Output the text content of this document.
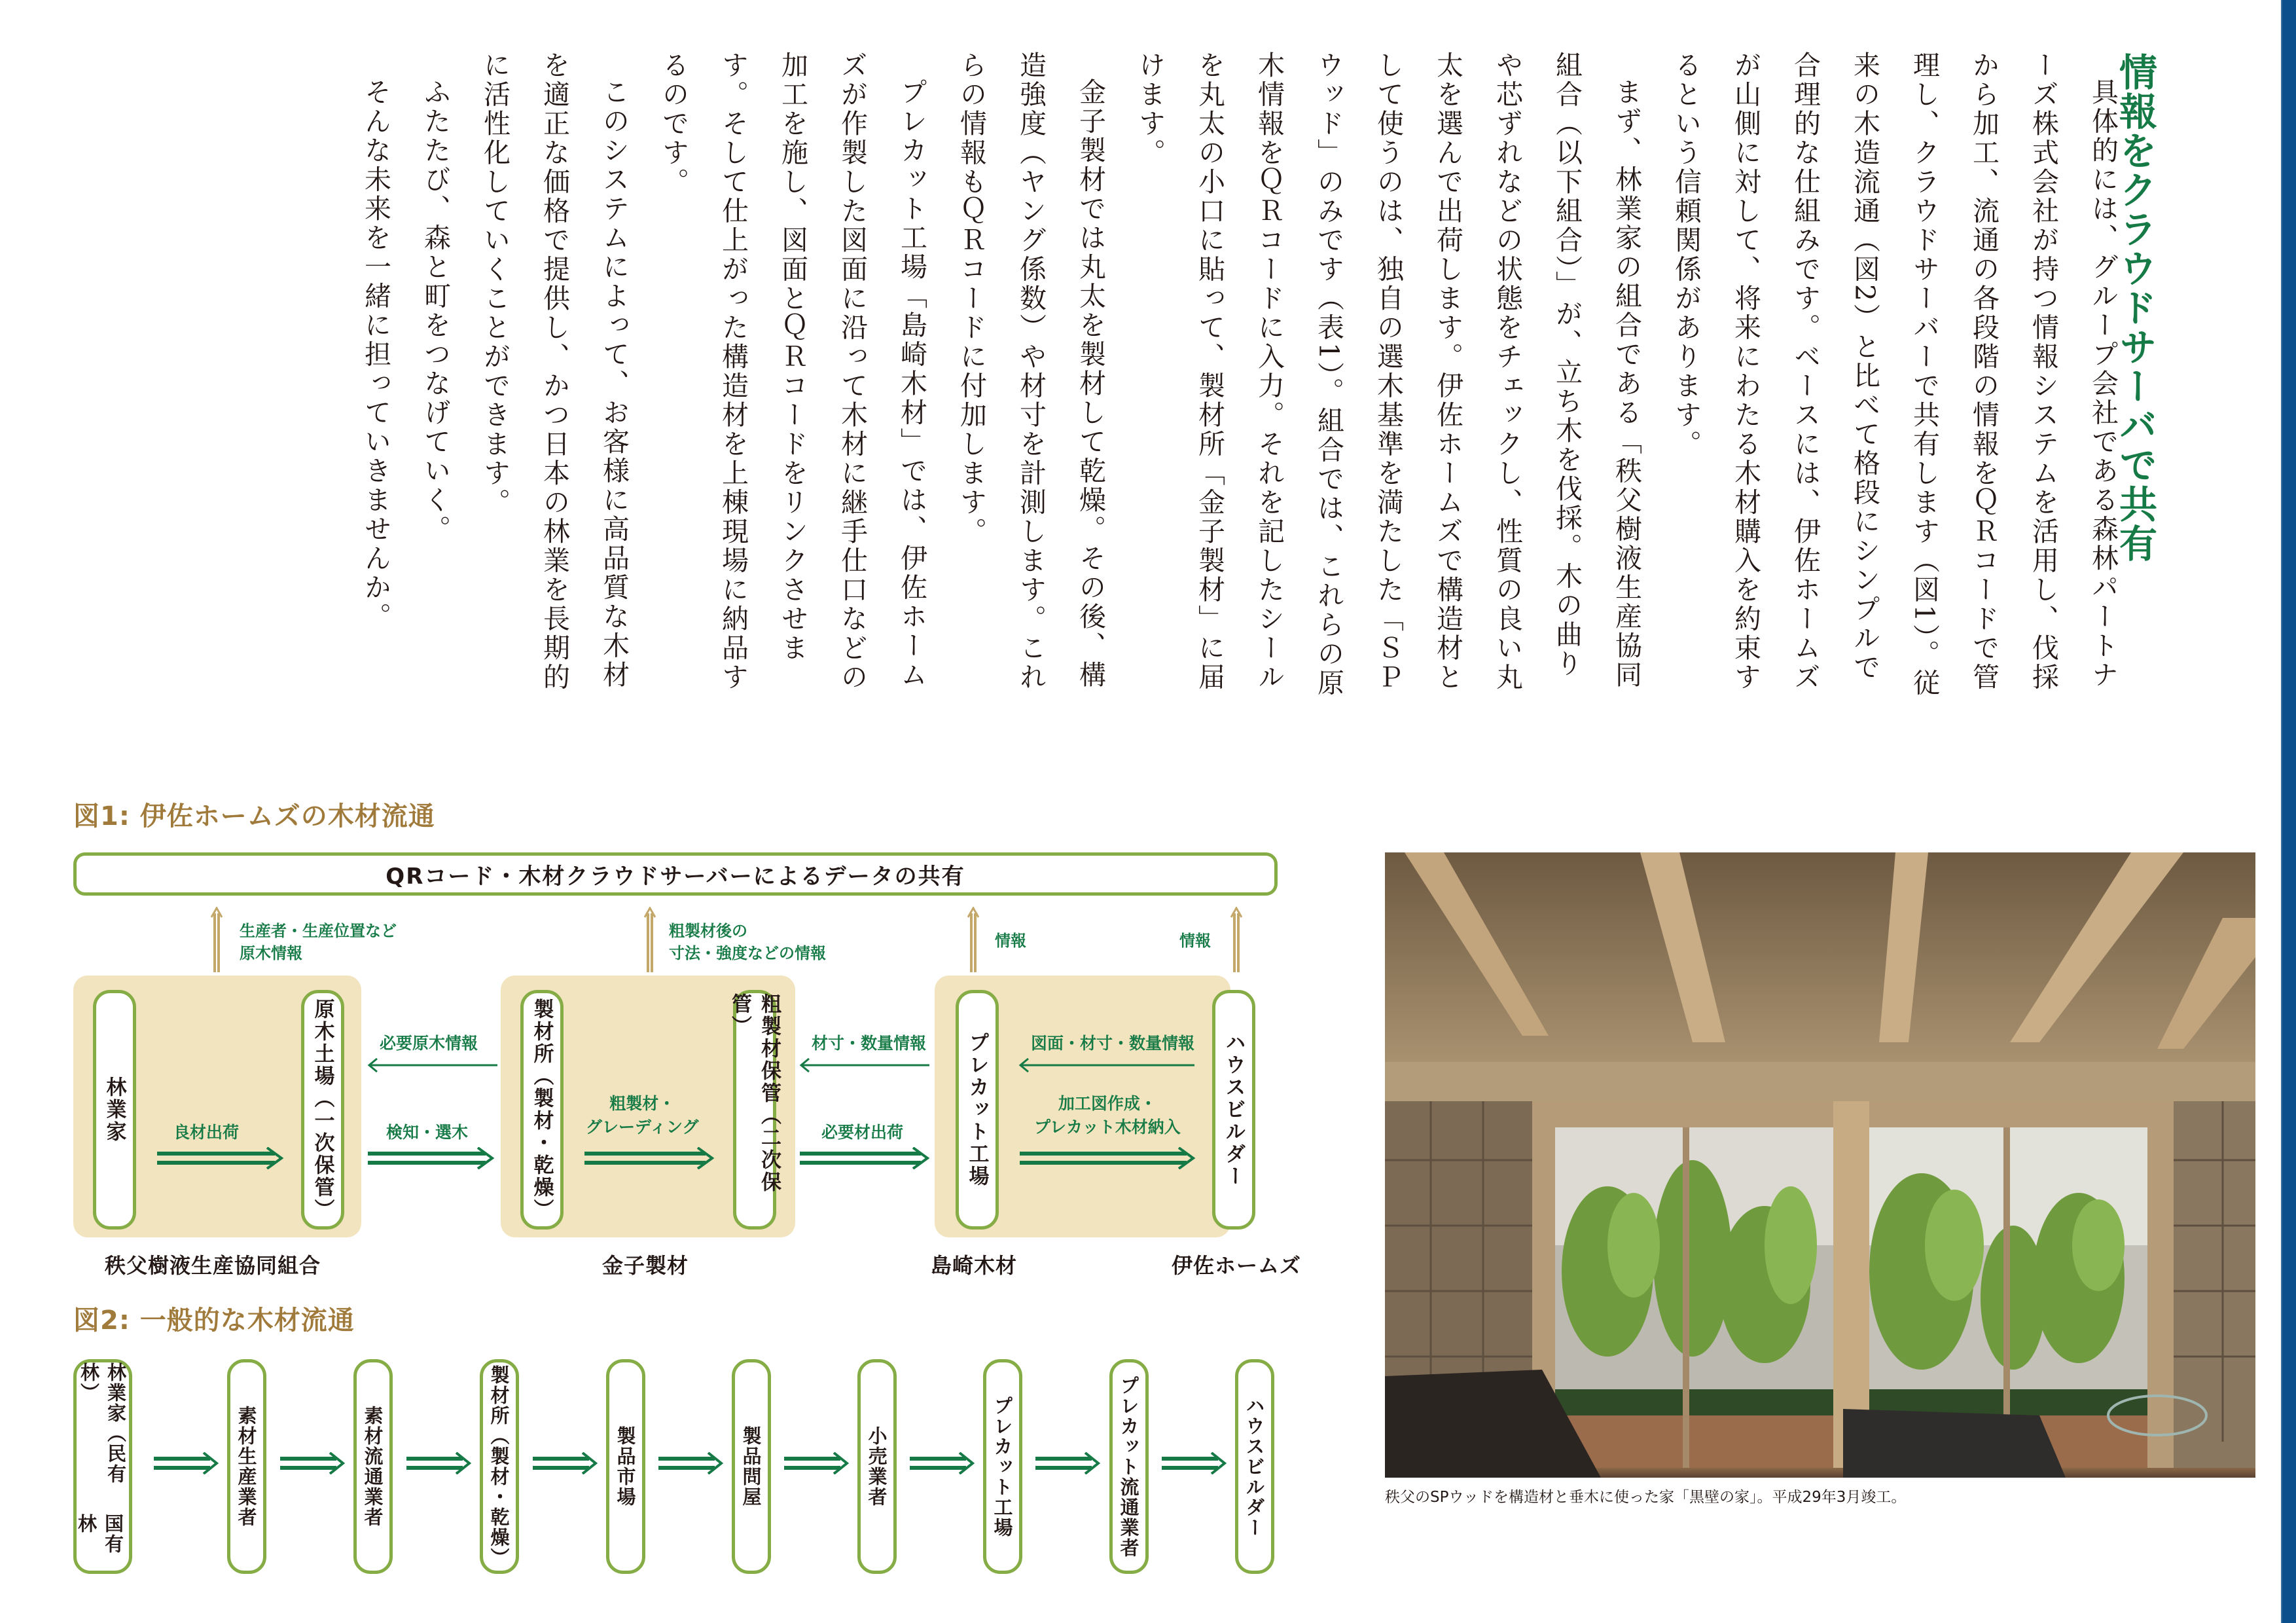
情報をクラウドサーバで共有

具体的には、グループ会社である森林パートナーズ株式会社が持つ情報システムを活用し、伐採から加工、流通の各段階の情報をＱＲコードで管理し、クラウドサーバーで共有します（図1）。従来の木造流通（図2）と比べて格段にシンプルで合理的な仕組みです。ベースには、伊佐ホームズが山側に対して、将来にわたる木材購入を約束するという信頼関係があります。

まず、林業家の組合である「秩父樹液生産協同組合（以下組合）」が、立ち木を伐採。木の曲りや芯ずれなどの状態をチェックし、性質の良い丸太を選んで出荷します。伊佐ホームズで構造材として使うのは、独自の選木基準を満たした「ＳＰウッド」のみです（表1）。組合では、これらの原木情報をＱＲコードに入力。それを記したシールを丸太の小口に貼って、製材所「金子製材」に届けます。

金子製材では丸太を製材して乾燥。その後、構造強度（ヤング係数）や材寸を計測します。これらの情報もＱＲコードに付加します。

プレカット工場「島崎木材」では、伊佐ホームズが作製した図面に沿って木材に継手仕口などの加工を施し、図面とＱＲコードをリンクさせます。そして仕上がった構造材を上棟現場に納品するのです。

このシステムによって、お客様に高品質な木材を適正な価格で提供し、かつ日本の林業を長期的に活性化していくことができます。

ふたたび、森と町をつなげていく。

そんな未来を一緒に担っていきませんか。

図1: 伊佐ホームズの木材流通
QRコード・木材クラウドサーバーによるデータの共有
生産者・生産位置など
原木情報
粗製材後の
寸法・強度などの情報
情報	情報
林業家	原木土場（一次保管）	製材所（製材・乾燥）	粗製材保管（二次保管）
プレカット工場	ハウスビルダー
必要原木情報	材寸・数量情報	図面・材寸・数量情報
良材出荷	検知・選木
粗製材・
グレーディング	必要材出荷
加工図作成・
プレカット木材納入
秩父樹液生産協同組合	金子製材	島崎木材	伊佐ホームズ
図2: 一般的な木材流通
林業家（民有林）
国有林	素材生産業者	素材流通業者	製材所（製材・乾燥）	製品市場	製品問屋	小売業者	プレカット工場	プレカット流通業者	ハウスビルダー	秩父のSPウッドを構造材と垂木に使った家「黒壁の家」。平成29年3月竣工。
